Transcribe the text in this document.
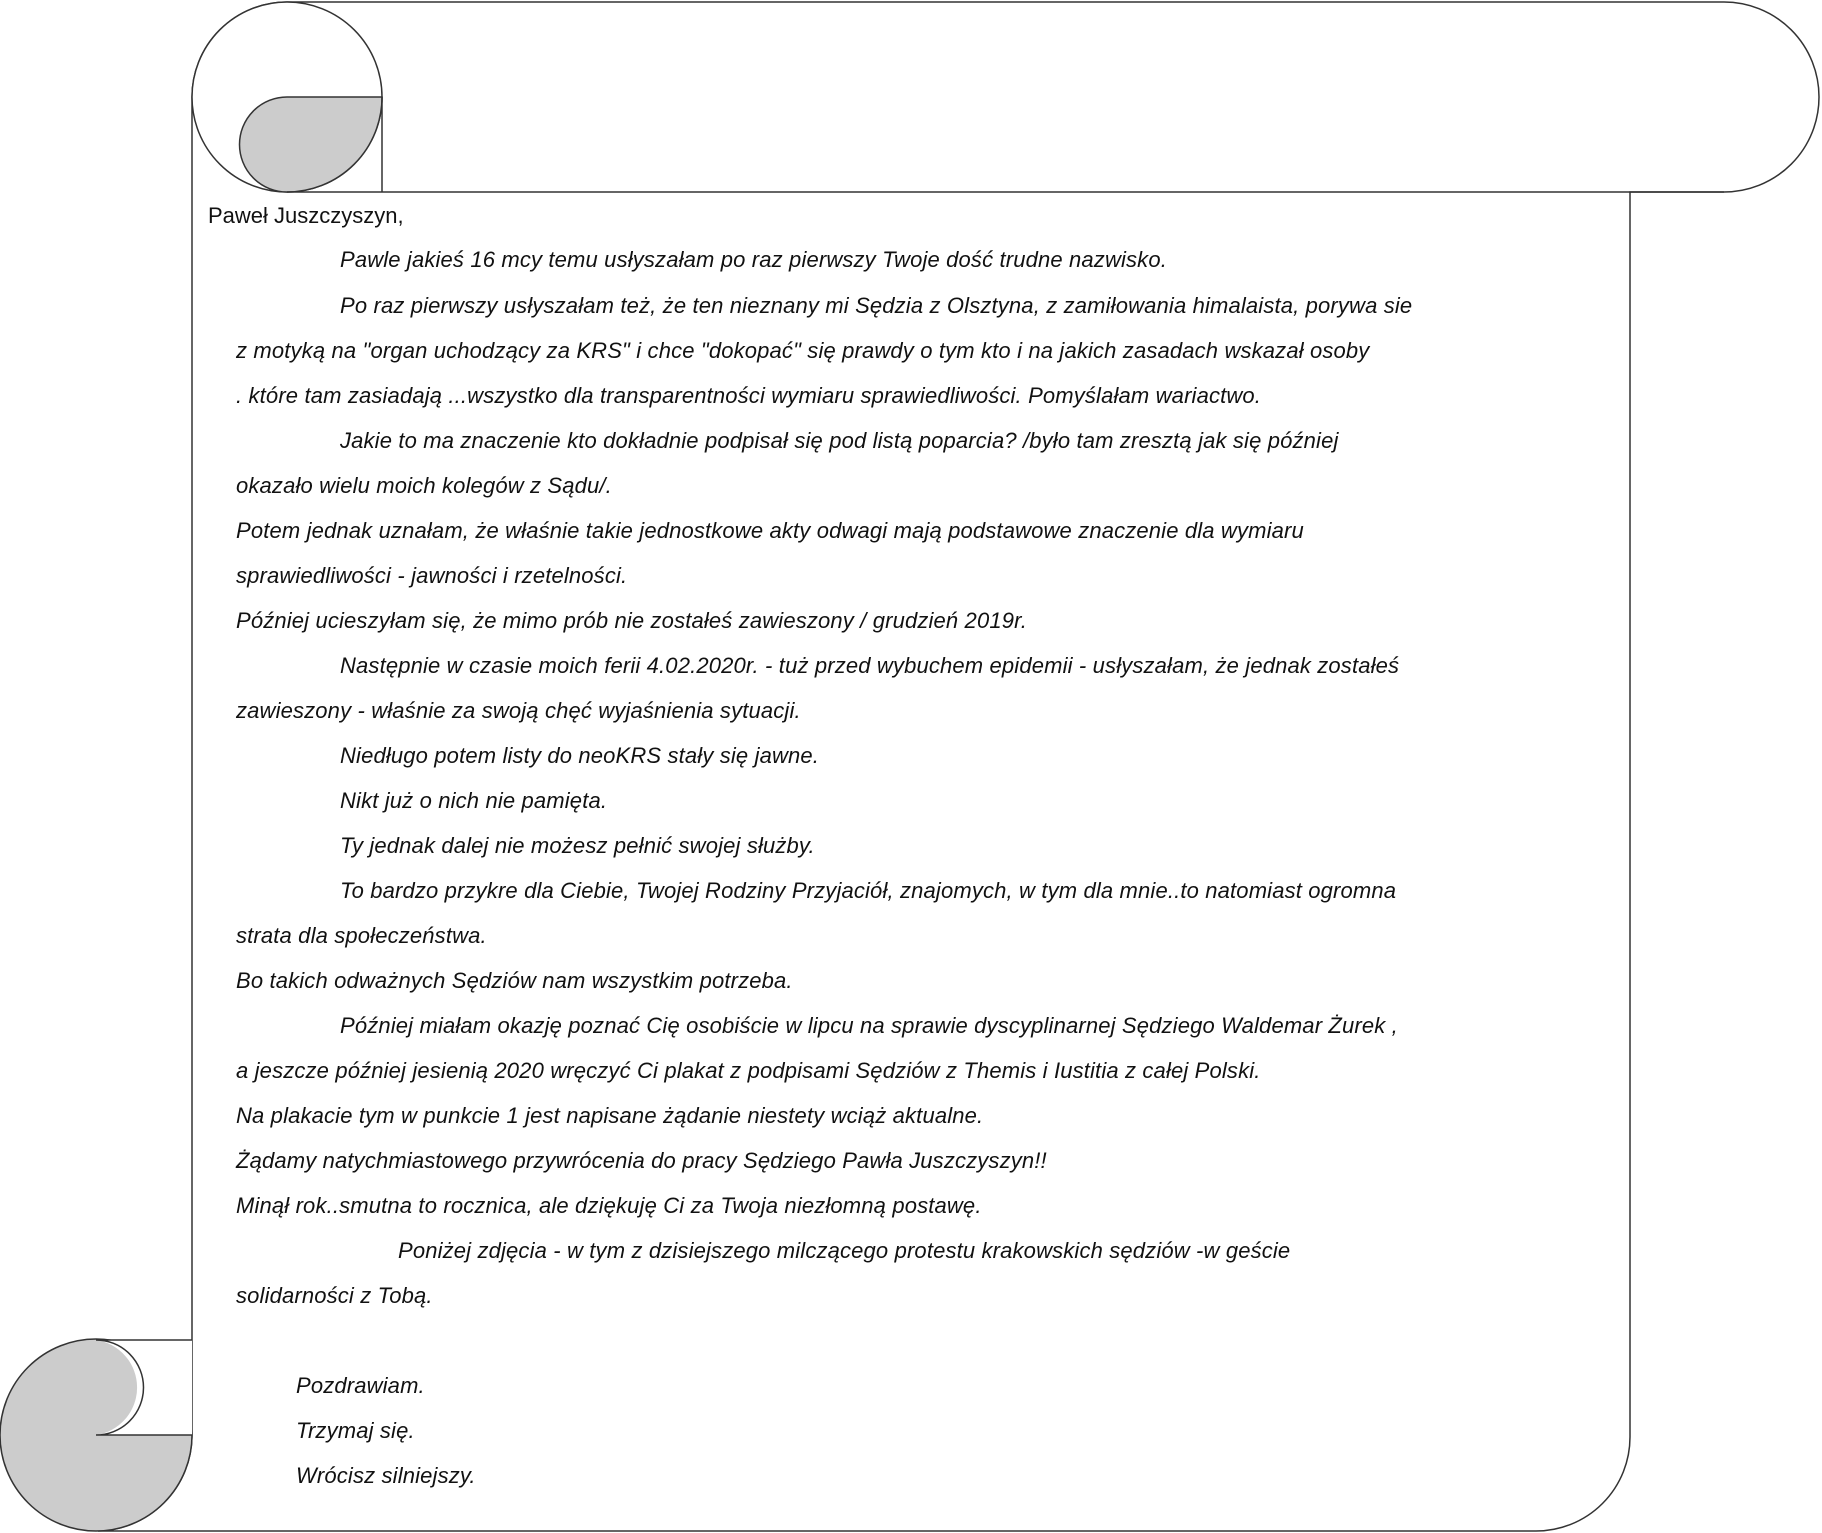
Paweł Juszczyszyn,
Pawle jakieś 16 mcy temu usłyszałam po raz pierwszy Twoje dość trudne nazwisko.
Po raz pierwszy usłyszałam też, że ten nieznany mi Sędzia z Olsztyna, z zamiłowania himalaista, porywa sie
z motyką na "organ uchodzący za KRS" i chce "dokopać" się prawdy o tym kto i na jakich zasadach wskazał osoby
. które tam zasiadają ...wszystko dla transparentności wymiaru sprawiedliwości. Pomyślałam wariactwo.
Jakie to ma znaczenie kto dokładnie podpisał się pod listą poparcia? /było tam zresztą jak się później
okazało wielu moich kolegów z Sądu/.
Potem jednak uznałam, że właśnie takie jednostkowe akty odwagi mają podstawowe znaczenie dla wymiaru
sprawiedliwości - jawności i rzetelności.
Później ucieszyłam się, że mimo prób nie zostałeś zawieszony / grudzień 2019r.
Następnie w czasie moich ferii 4.02.2020r. - tuż przed wybuchem epidemii - usłyszałam, że jednak zostałeś
zawieszony - właśnie za swoją chęć wyjaśnienia sytuacji.
Niedługo potem listy do neoKRS stały się jawne.
Nikt już o nich nie pamięta.
Ty jednak dalej nie możesz pełnić swojej służby.
To bardzo przykre dla Ciebie, Twojej Rodziny Przyjaciół, znajomych, w tym dla mnie..to natomiast ogromna
strata dla społeczeństwa.
Bo takich odważnych Sędziów nam wszystkim potrzeba.
Później miałam okazję poznać Cię osobiście w lipcu na sprawie dyscyplinarnej Sędziego Waldemar Żurek ,
a jeszcze później jesienią 2020 wręczyć Ci plakat z podpisami Sędziów z Themis i Iustitia z całej Polski.
Na plakacie tym w punkcie 1 jest napisane żądanie niestety wciąż aktualne.
Żądamy natychmiastowego przywrócenia do pracy Sędziego Pawła Juszczyszyn!!
Minął rok..smutna to rocznica, ale dziękuję Ci za Twoja niezłomną postawę.
Poniżej zdjęcia - w tym z dzisiejszego milczącego protestu krakowskich sędziów -w geście
solidarności z Tobą.
Pozdrawiam.
Trzymaj się.
Wrócisz silniejszy.
